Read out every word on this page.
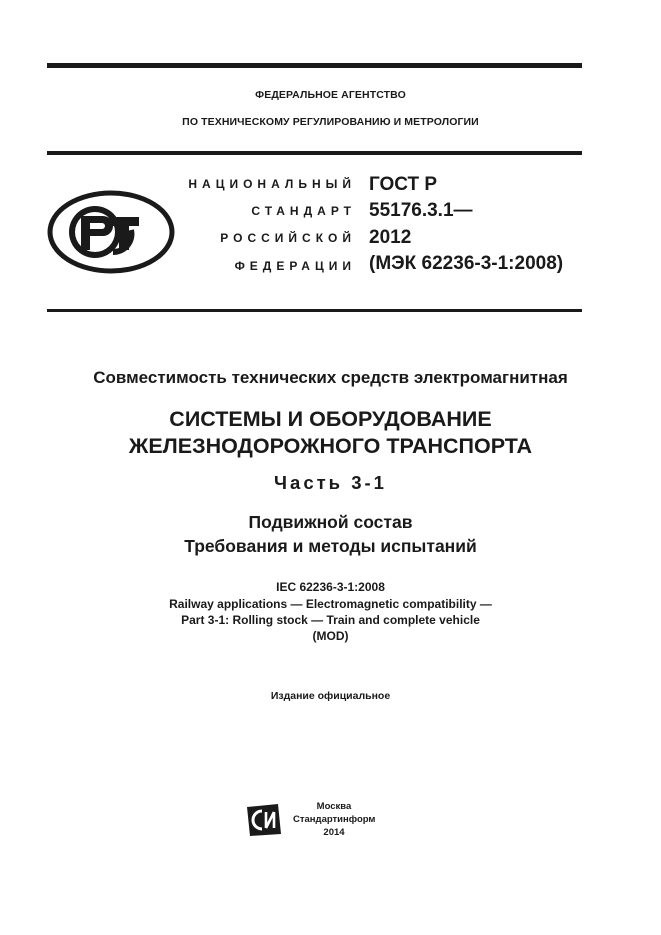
ФЕДЕРАЛЬНОЕ АГЕНТСТВО
ПО ТЕХНИЧЕСКОМУ РЕГУЛИРОВАНИЮ И МЕТРОЛОГИИ
НАЦИОНАЛЬНЫЙ
СТАНДАРТ
РОССИЙСКОЙ
ФЕДЕРАЦИИ
ГОСТ Р
55176.3.1—
2012
(МЭК 62236-3-1:2008)
Совместимость технических средств электромагнитная
СИСТЕМЫ И ОБОРУДОВАНИЕ
ЖЕЛЕЗНОДОРОЖНОГО ТРАНСПОРТА
Часть 3-1
Подвижной состав
Требования и методы испытаний
IEC 62236-3-1:2008
Railway applications — Electromagnetic compatibility —
Part 3-1: Rolling stock — Train and complete vehicle
(MOD)
Издание официальное
Москва
Стандартинформ
2014
